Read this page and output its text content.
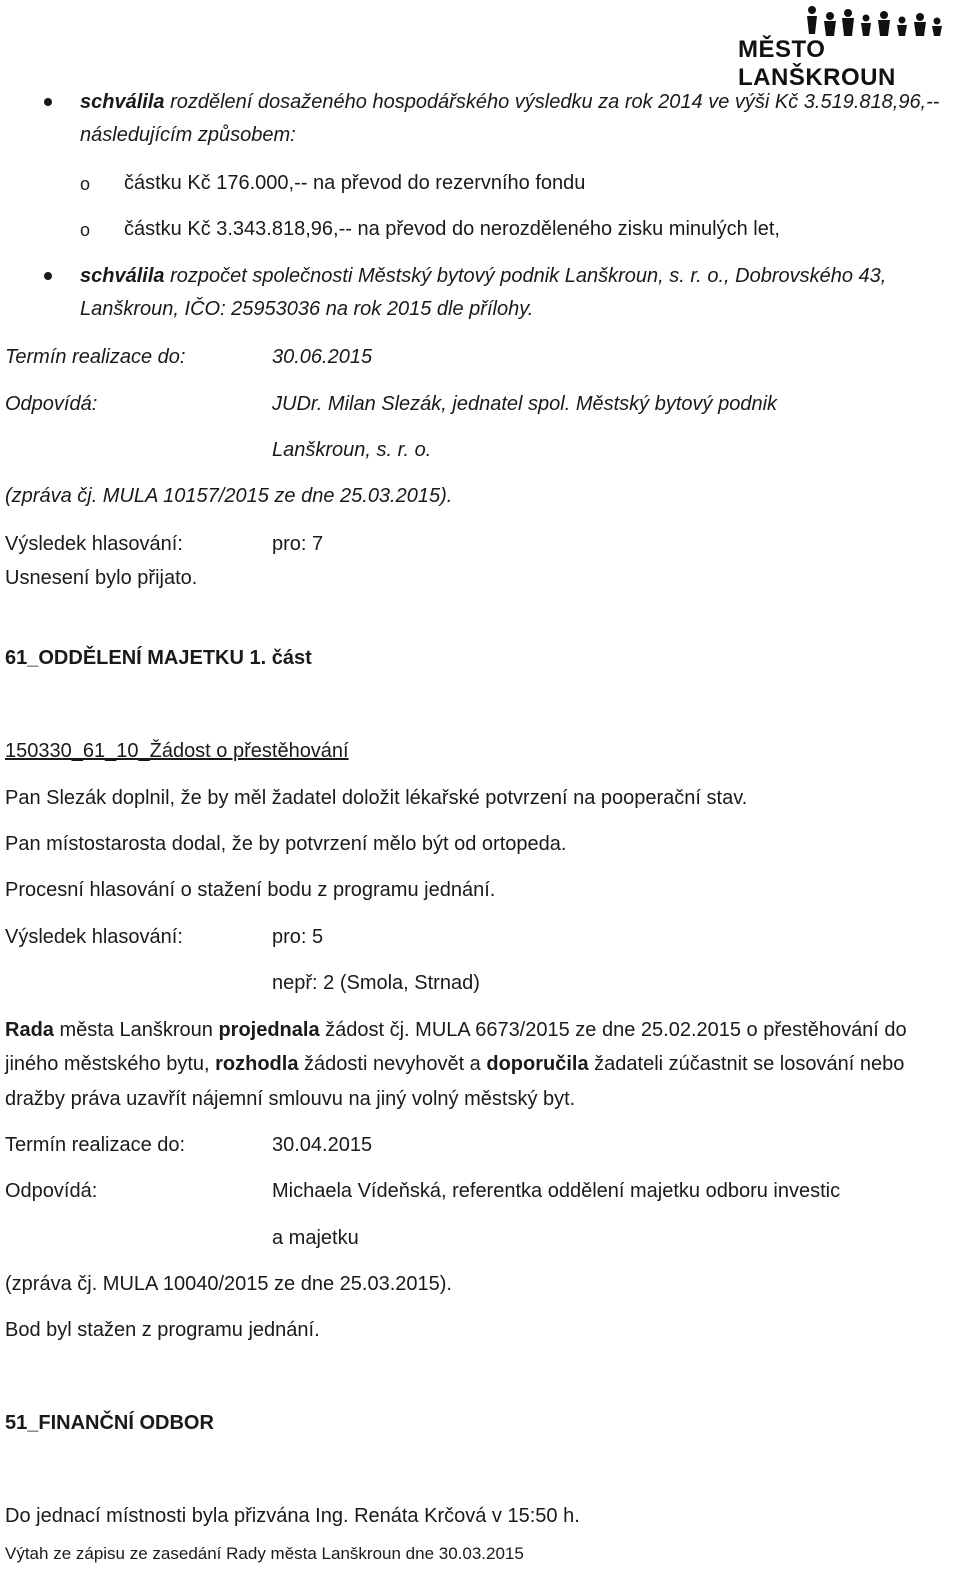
MĚSTO LANŠKROUN
schválila rozdělení dosaženého hospodářského výsledku za rok 2014 ve výši Kč 3.519.818,96,--
následujícím způsobem:
o částku Kč 176.000,-- na převod do rezervního fondu
o částku Kč 3.343.818,96,-- na převod do nerozděleného zisku minulých let,
schválila rozpočet společnosti Městský bytový podnik Lanškroun, s. r. o., Dobrovského 43,
Lanškroun, IČO: 25953036 na rok 2015 dle přílohy.
Termín realizace do:	30.06.2015
Odpovídá:	JUDr. Milan Slezák, jednatel spol. Městský bytový podnik
Lanškroun, s. r. o.
(zpráva čj. MULA 10157/2015 ze dne 25.03.2015).
Výsledek hlasování:	pro: 7
Usnesení bylo přijato.
61_ODDĚLENÍ MAJETKU 1. část
150330_61_10_Žádost o přestěhování
Pan Slezák doplnil, že by měl žadatel doložit lékařské potvrzení na pooperační stav.
Pan místostarosta dodal, že by potvrzení mělo být od ortopeda.
Procesní hlasování o stažení bodu z programu jednání.
Výsledek hlasování:	pro: 5
nepř: 2 (Smola, Strnad)
Rada města Lanškroun projednala žádost čj. MULA 6673/2015 ze dne 25.02.2015 o přestěhování do
jiného městského bytu, rozhodla žádosti nevyhovět a doporučila žadateli zúčastnit se losování nebo
dražby práva uzavřít nájemní smlouvu na jiný volný městský byt.
Termín realizace do:	30.04.2015
Odpovídá:	Michaela Vídeňská, referentka oddělení majetku odboru investic
a majetku
(zpráva čj. MULA 10040/2015 ze dne 25.03.2015).
Bod byl stažen z programu jednání.
51_FINANČNÍ ODBOR
Do jednací místnosti byla přizvána Ing. Renáta Krčová v 15:50 h.
Výtah ze zápisu ze zasedání Rady města Lanškroun dne 30.03.2015
